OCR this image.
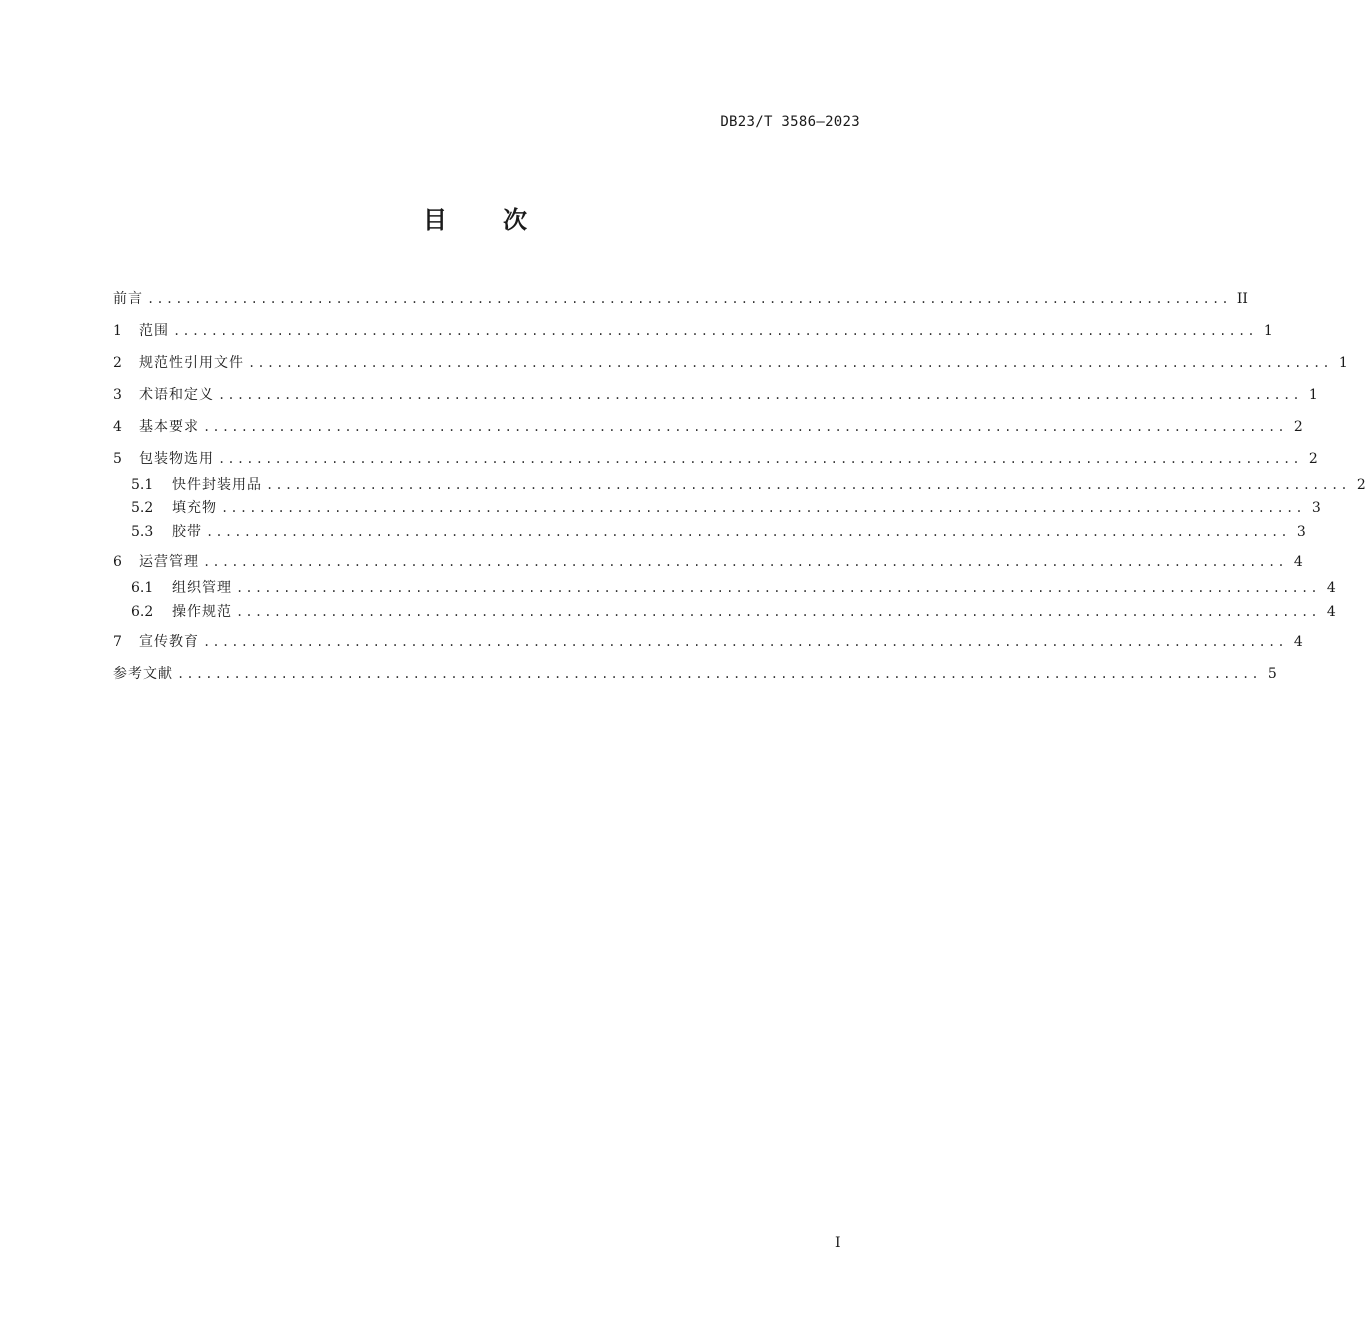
DB23/T 3586—2023
目 次
前言 ................................................................................................................... II
1	范围 ................................................................................................................... 1
2	规范性引用文件 ................................................................................................................... 1
3	术语和定义 ................................................................................................................... 1
4	基本要求 ................................................................................................................... 2
5	包装物选用 ................................................................................................................... 2
5.1	快件封装用品 ................................................................................................................... 2
5.2	填充物 ................................................................................................................... 3
5.3	胶带 ................................................................................................................... 3
6	运营管理 ................................................................................................................... 4
6.1	组织管理 ................................................................................................................... 4
6.2	操作规范 ................................................................................................................... 4
7	宣传教育 ................................................................................................................... 4
参考文献 ................................................................................................................... 5
I
